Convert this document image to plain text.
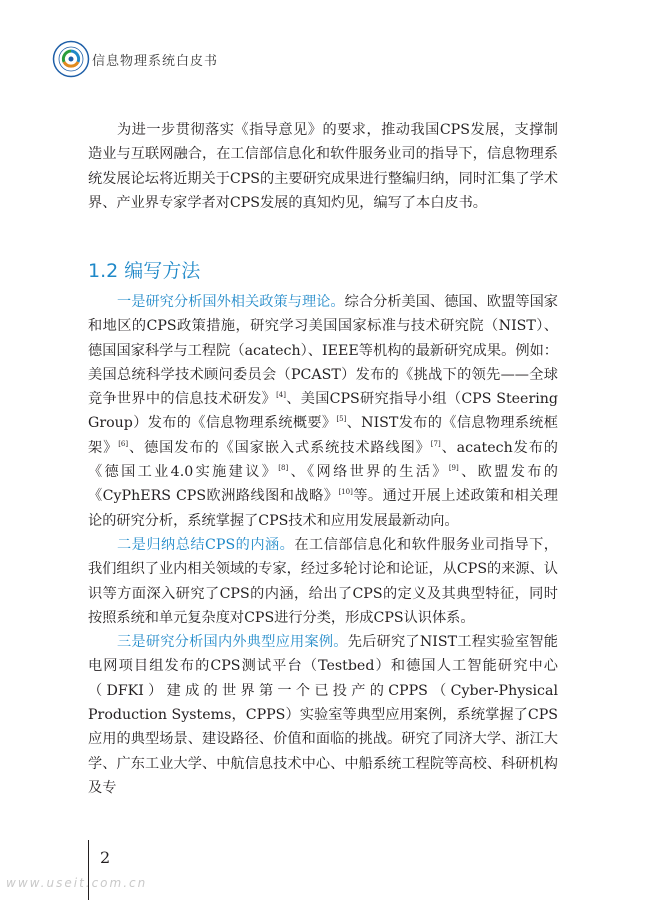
信息物理系统白皮书

为进一步贯彻落实《指导意见》的要求，推动我国CPS发展，支撑制造业与互联网融合，在工信部信息化和软件服务业司的指导下，信息物理系统发展论坛将近期关于CPS的主要研究成果进行整编归纳，同时汇集了学术界、产业界专家学者对CPS发展的真知灼见，编写了本白皮书。

1.2 编写方法

一是研究分析国外相关政策与理论。综合分析美国、德国、欧盟等国家和地区的CPS政策措施，研究学习美国国家标准与技术研究院（NIST）、德国国家科学与工程院（acatech）、IEEE等机构的最新研究成果。例如：美国总统科学技术顾问委员会（PCAST）发布的《挑战下的领先——全球竞争世界中的信息技术研发》[4]、美国CPS研究指导小组（CPS Steering Group）发布的《信息物理系统概要》[5]、NIST发布的《信息物理系统框架》[6]、德国发布的《国家嵌入式系统技术路线图》[7]、acatech发布的《德国工业4.0实施建议》[8]、《网络世界的生活》[9]、欧盟发布的《CyPhERS CPS欧洲路线图和战略》[10]等。通过开展上述政策和相关理论的研究分析，系统掌握了CPS技术和应用发展最新动向。

二是归纳总结CPS的内涵。在工信部信息化和软件服务业司指导下，我们组织了业内相关领域的专家，经过多轮讨论和论证，从CPS的来源、认识等方面深入研究了CPS的内涵，给出了CPS的定义及其典型特征，同时按照系统和单元复杂度对CPS进行分类，形成CPS认识体系。

三是研究分析国内外典型应用案例。先后研究了NIST工程实验室智能电网项目组发布的CPS测试平台（Testbed）和德国人工智能研究中心（DFKI）建成的世界第一个已投产的CPPS（Cyber-Physical Production Systems，CPPS）实验室等典型应用案例，系统掌握了CPS应用的典型场景、建设路径、价值和面临的挑战。研究了同济大学、浙江大学、广东工业大学、中航信息技术中心、中船系统工程院等高校、科研机构及专

2
www.useit.com.cn
